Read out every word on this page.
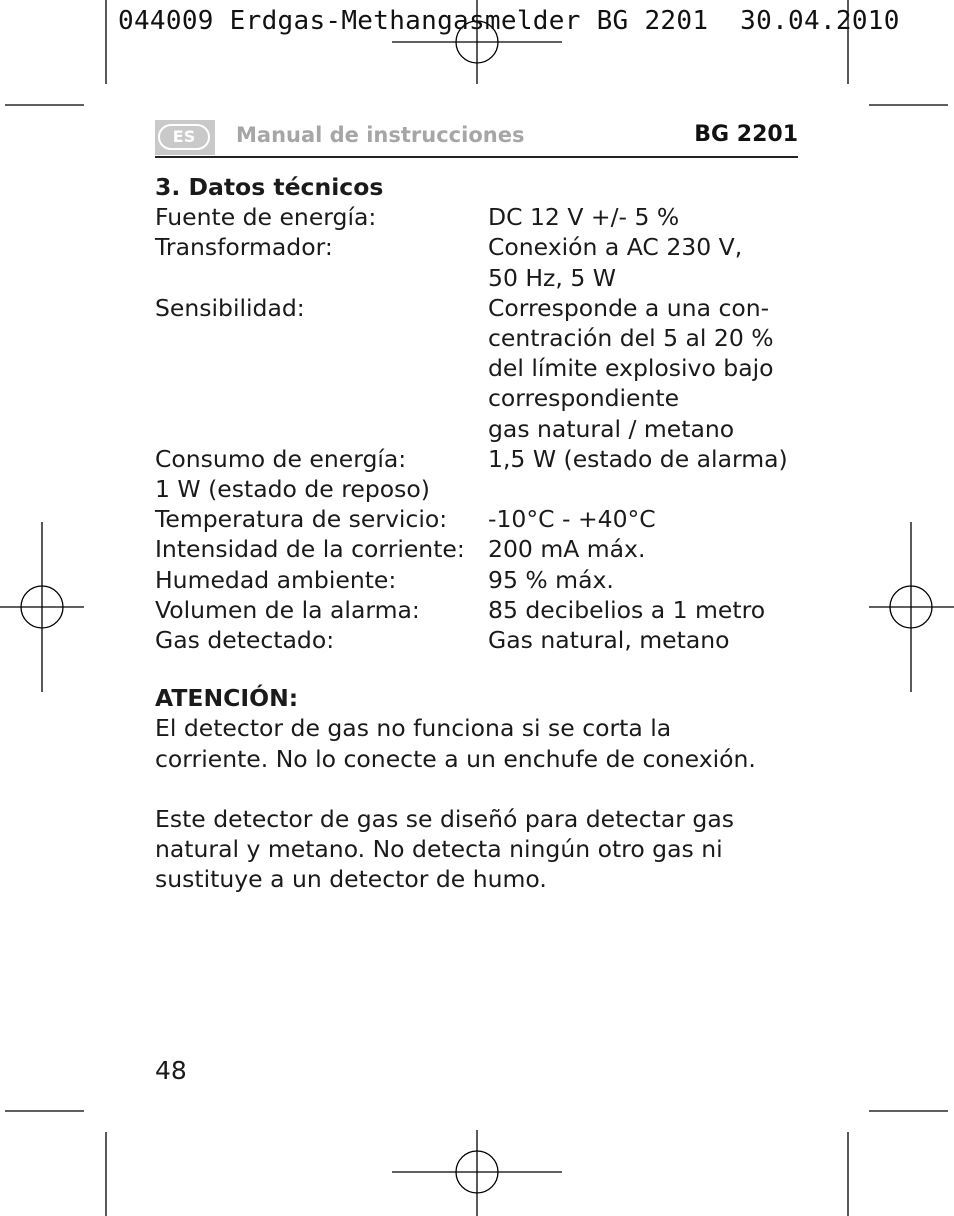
044009 Erdgas-Methangasmelder BG 2201  30.04.2010
ES	Manual de instrucciones	BG 2201
3. Datos técnicos
Fuente de energía:	DC 12 V +/- 5 %
Transformador:	Conexión a AC 230 V,
50 Hz, 5 W
Sensibilidad:	Corresponde a una con-
centración del 5 al 20 %
del límite explosivo bajo
correspondiente
gas natural / metano
Consumo de energía:	1,5 W (estado de alarma)
1 W (estado de reposo)
Temperatura de servicio:	-10°C - +40°C
Intensidad de la corriente: 200 mA máx.
Humedad ambiente:	95 % máx.
Volumen de la alarma:	85 decibelios a 1 metro
Gas detectado:	Gas natural, metano
ATENCIÓN:
El detector de gas no funciona si se corta la
corriente. No lo conecte a un enchufe de conexión.
Este detector de gas se diseñó para detectar gas
natural y metano. No detecta ningún otro gas ni
sustituye a un detector de humo.
48
